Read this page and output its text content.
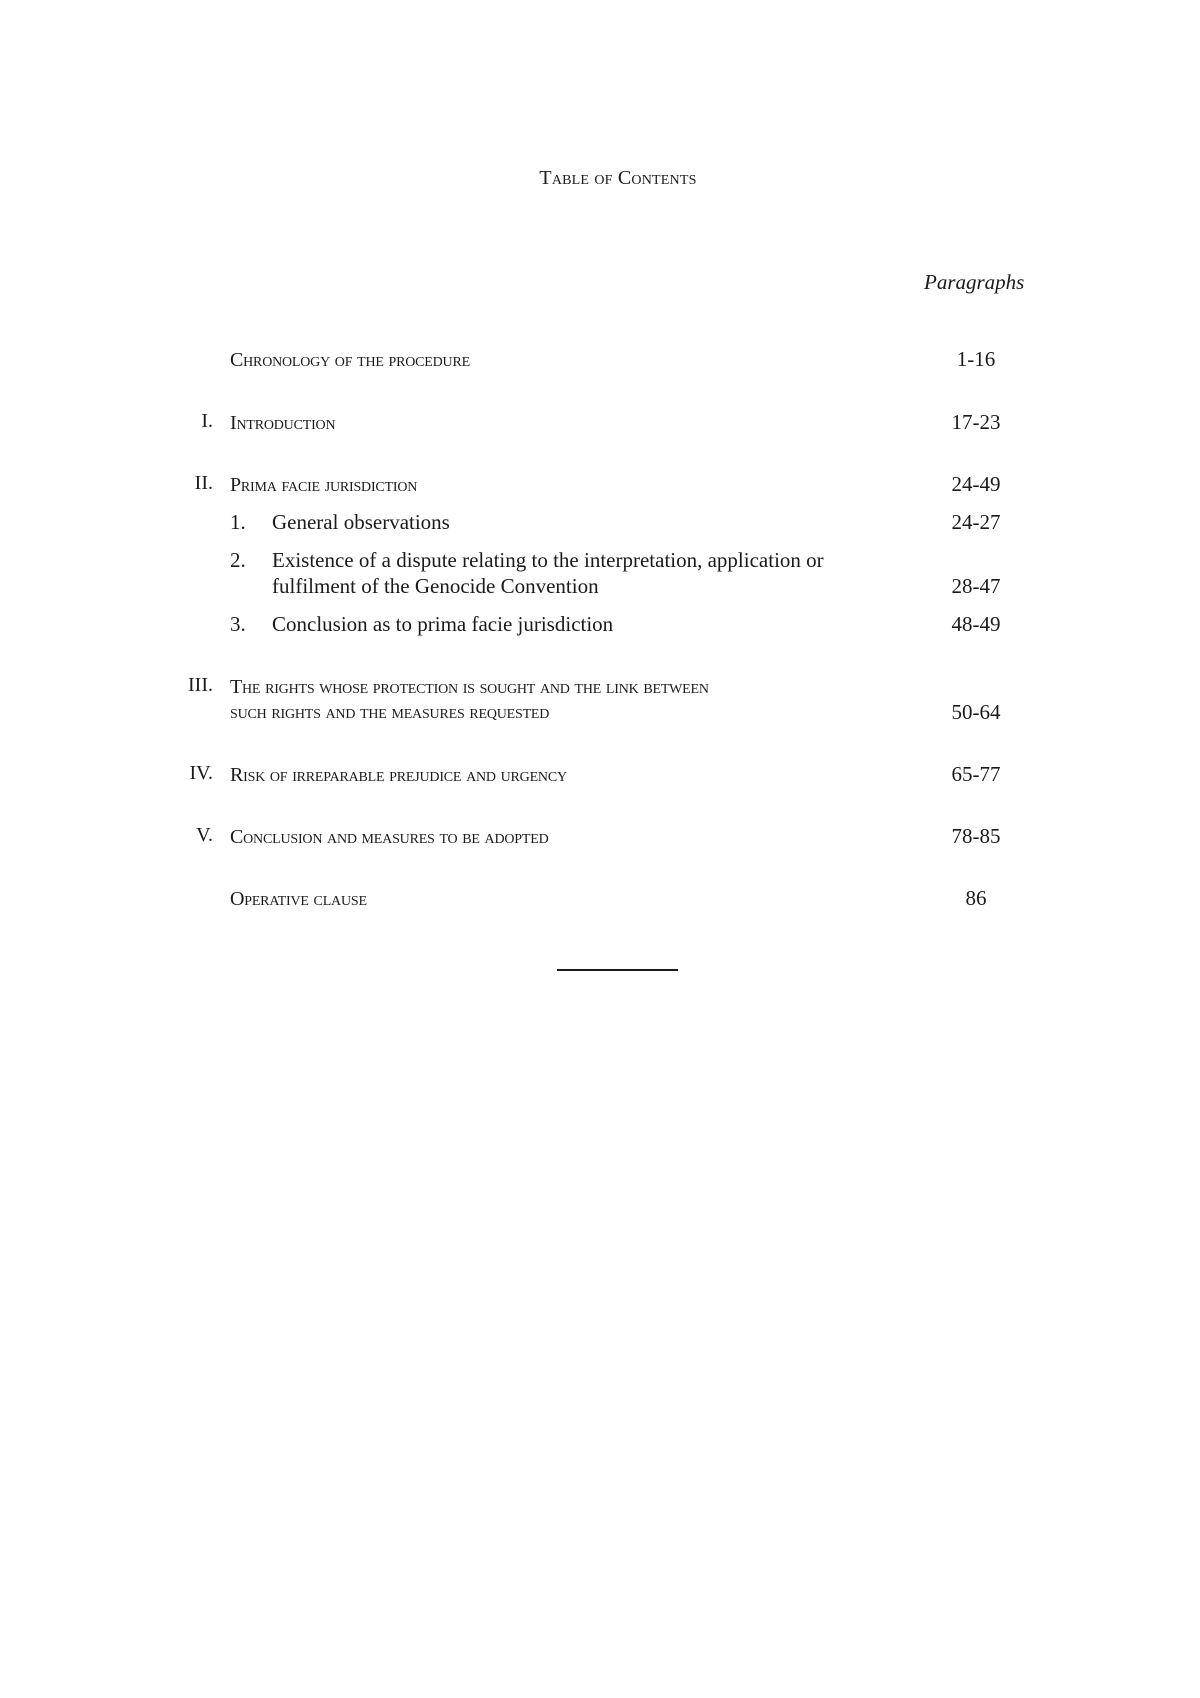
Table of Contents
Paragraphs
Chronology of the procedure	1-16
I. Introduction	17-23
II. Prima facie jurisdiction	24-49
1. General observations	24-27
2. Existence of a dispute relating to the interpretation, application or
fulfilment of the Genocide Convention	28-47
3. Conclusion as to prima facie jurisdiction	48-49
III. The rights whose protection is sought and the link between
such rights and the measures requested	50-64
IV. Risk of irreparable prejudice and urgency	65-77
V. Conclusion and measures to be adopted	78-85
Operative clause	86
